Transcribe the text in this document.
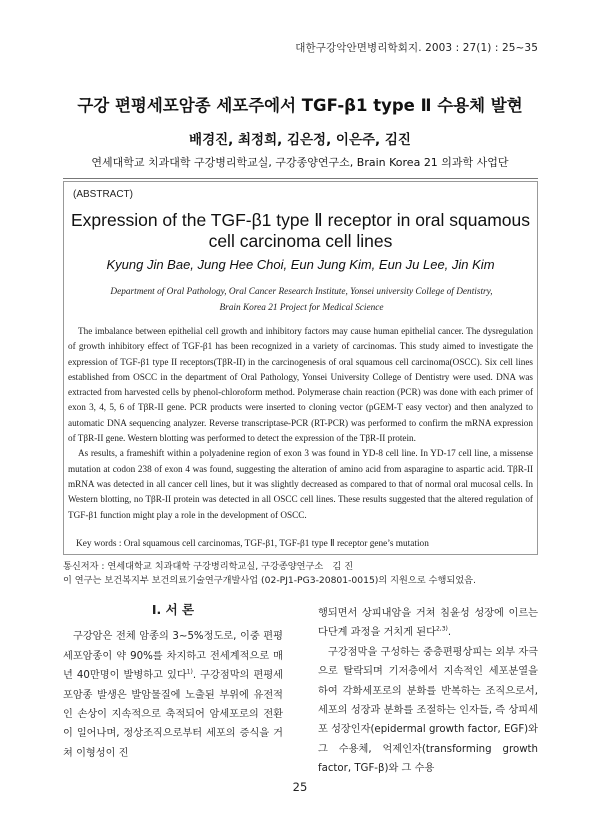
대한구강악안면병리학회지. 2003 : 27(1) : 25~35
구강 편평세포암종 세포주에서 TGF-β1 type Ⅱ 수용체 발현
배경진, 최정희, 김은정, 이은주, 김진
연세대학교 치과대학 구강병리학교실, 구강종양연구소, Brain Korea 21 의과학 사업단
(ABSTRACT)
Expression of the TGF-β1 type Ⅱ receptor in oral squamous
cell carcinoma cell lines
Kyung Jin Bae, Jung Hee Choi, Eun Jung Kim, Eun Ju Lee, Jin Kim
Department of Oral Pathology, Oral Cancer Research Institute, Yonsei university College of Dentistry,
Brain Korea 21 Project for Medical Science

The imbalance between epithelial cell growth and inhibitory factors may cause human epithelial cancer. The dysregulation of growth inhibitory effect of TGF-β1 has been recognized in a variety of carcinomas. This study aimed to investigate the expression of TGF-β1 type II receptors(TβR-II) in the carcinogenesis of oral squamous cell carcinoma(OSCC). Six cell lines established from OSCC in the department of Oral Pathology, Yonsei University College of Dentistry were used. DNA was extracted from harvested cells by phenol-chloroform method. Polymerase chain reaction (PCR) was done with each primer of exon 3, 4, 5, 6 of TβR-II gene. PCR products were inserted to cloning vector (pGEM-T easy vector) and then analyzed to automatic DNA sequencing analyzer. Reverse transcriptase-PCR (RT-PCR) was performed to confirm the mRNA expression of TβR-II gene. Western blotting was performed to detect the expression of the TβR-II protein.

As results, a frameshift within a polyadenine region of exon 3 was found in YD-8 cell line. In YD-17 cell line, a missense mutation at codon 238 of exon 4 was found, suggesting the alteration of amino acid from asparagine to aspartic acid. TβR-II mRNA was detected in all cancer cell lines, but it was slightly decreased as compared to that of normal oral mucosal cells. In Western blotting, no TβR-II protein was detected in all OSCC cell lines. These results suggested that the altered regulation of TGF-β1 function might play a role in the development of OSCC.

Key words : Oral squamous cell carcinomas, TGF-β1, TGF-β1 type Ⅱ receptor gene’s mutation
통신저자 : 연세대학교 치과대학 구강병리학교실, 구강종양연구소　김 진
이 연구는 보건복지부 보건의료기술연구개발사업 (02-PJ1-PG3-20801-0015)의 지원으로 수행되었음.
Ⅰ. 서 론

구강암은 전체 암종의 3∼5%정도로, 이중 편평세포암종이 약 90%를 차지하고 전세계적으로 매년 40만명이 발병하고 있다$^{1)}$. 구강점막의 편평세포암종 발생은 발암물질에 노출된 부위에 유전적인 손상이 지속적으로 축적되어 암세포로의 전환이 일어나며, 정상조직으로부터 세포의 증식을 거쳐 이형성이 진

행되면서 상피내암을 거쳐 침윤성 성장에 이르는 다단계 과정을 거치게 된다$^{2,3)}$.

구강점막을 구성하는 중층편평상피는 외부 자극으로 탈락되며 기저층에서 지속적인 세포분열을 하여 각화세포로의 분화를 반복하는 조직으로서, 세포의 성장과 분화를 조절하는 인자들, 즉 상피세포 성장인자(epidermal growth factor, EGF)와 그 수용체, 억제인자(transforming growth factor, TGF-β)와 그 수용

25
